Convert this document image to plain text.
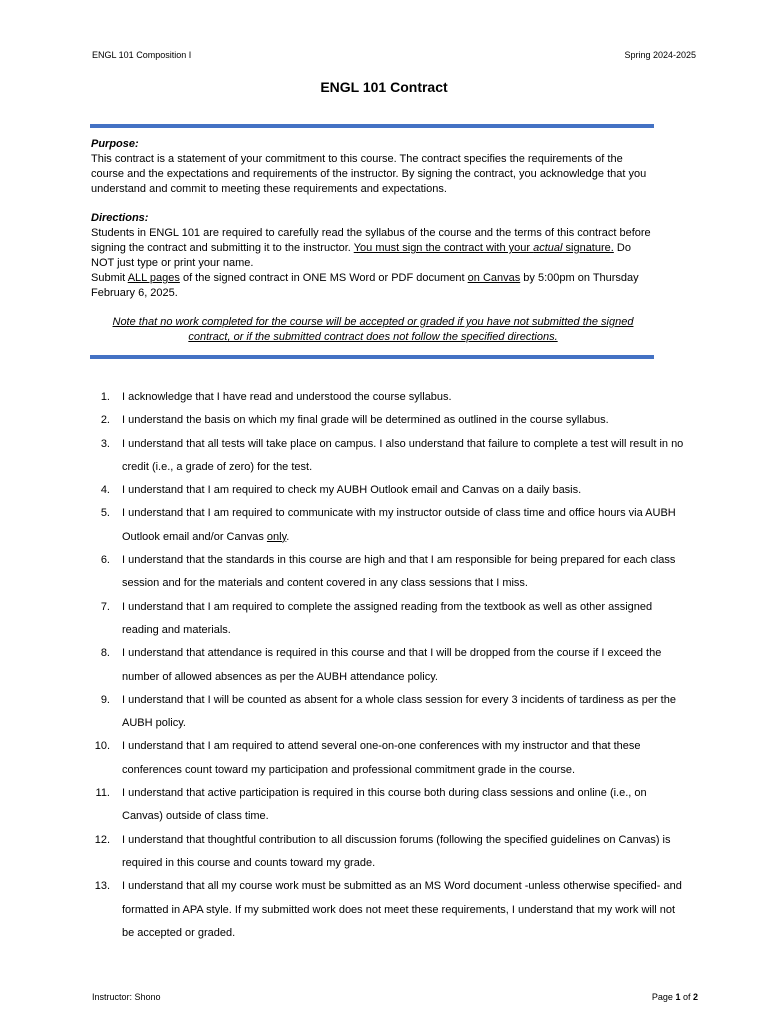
ENGL 101 Composition I	Spring 2024-2025
ENGL 101 Contract
Purpose:
This contract is a statement of your commitment to this course. The contract specifies the requirements of the course and the expectations and requirements of the instructor. By signing the contract, you acknowledge that you understand and commit to meeting these requirements and expectations.
Directions:
Students in ENGL 101 are required to carefully read the syllabus of the course and the terms of this contract before signing the contract and submitting it to the instructor. You must sign the contract with your actual signature. Do NOT just type or print your name.
Submit ALL pages of the signed contract in ONE MS Word or PDF document on Canvas by 5:00pm on Thursday February 6, 2025.
Note that no work completed for the course will be accepted or graded if you have not submitted the signed contract, or if the submitted contract does not follow the specified directions.
1. I acknowledge that I have read and understood the course syllabus.
2. I understand the basis on which my final grade will be determined as outlined in the course syllabus.
3. I understand that all tests will take place on campus. I also understand that failure to complete a test will result in no credit (i.e., a grade of zero) for the test.
4. I understand that I am required to check my AUBH Outlook email and Canvas on a daily basis.
5. I understand that I am required to communicate with my instructor outside of class time and office hours via AUBH Outlook email and/or Canvas only.
6. I understand that the standards in this course are high and that I am responsible for being prepared for each class session and for the materials and content covered in any class sessions that I miss.
7. I understand that I am required to complete the assigned reading from the textbook as well as other assigned reading and materials.
8. I understand that attendance is required in this course and that I will be dropped from the course if I exceed the number of allowed absences as per the AUBH attendance policy.
9. I understand that I will be counted as absent for a whole class session for every 3 incidents of tardiness as per the AUBH policy.
10. I understand that I am required to attend several one-on-one conferences with my instructor and that these conferences count toward my participation and professional commitment grade in the course.
11. I understand that active participation is required in this course both during class sessions and online (i.e., on Canvas) outside of class time.
12. I understand that thoughtful contribution to all discussion forums (following the specified guidelines on Canvas) is required in this course and counts toward my grade.
13. I understand that all my course work must be submitted as an MS Word document -unless otherwise specified- and formatted in APA style. If my submitted work does not meet these requirements, I understand that my work will not be accepted or graded.
Instructor: Shono	Page 1 of 2
